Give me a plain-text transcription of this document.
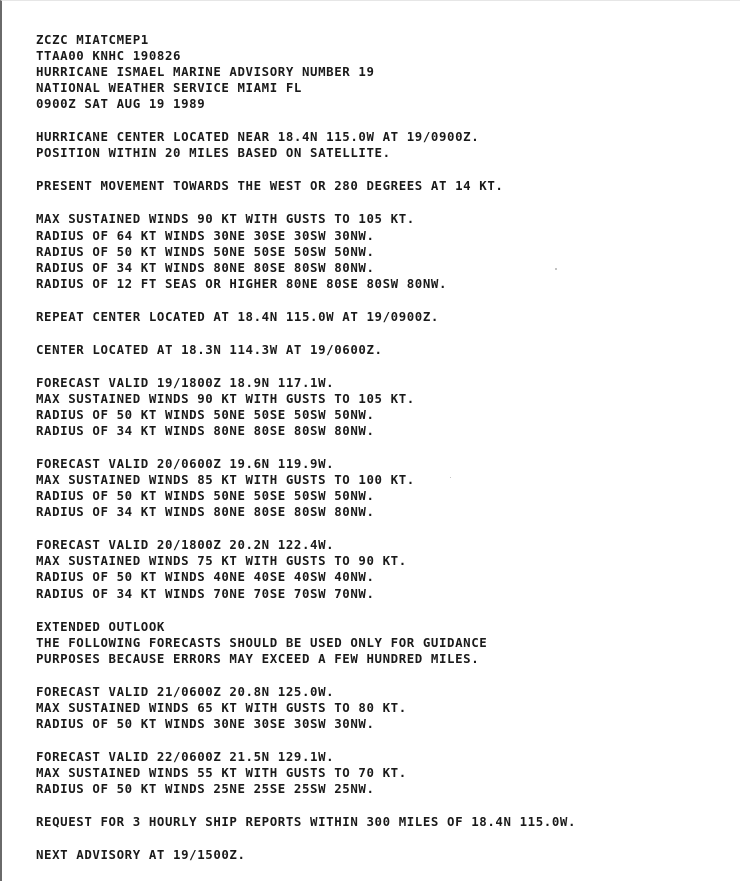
ZCZC MIATCMEP1
TTAA00 KNHC 190826
HURRICANE ISMAEL MARINE ADVISORY NUMBER 19
NATIONAL WEATHER SERVICE MIAMI FL
0900Z SAT AUG 19 1989
HURRICANE CENTER LOCATED NEAR 18.4N 115.0W AT 19/0900Z.
POSITION WITHIN 20 MILES BASED ON SATELLITE.
PRESENT MOVEMENT TOWARDS THE WEST OR 280 DEGREES AT 14 KT.
MAX SUSTAINED WINDS 90 KT WITH GUSTS TO 105 KT.
RADIUS OF 64 KT WINDS 30NE 30SE 30SW 30NW.
RADIUS OF 50 KT WINDS 50NE 50SE 50SW 50NW.
RADIUS OF 34 KT WINDS 80NE 80SE 80SW 80NW.
RADIUS OF 12 FT SEAS OR HIGHER 80NE 80SE 80SW 80NW.
REPEAT CENTER LOCATED AT 18.4N 115.0W AT 19/0900Z.
CENTER LOCATED AT 18.3N 114.3W AT 19/0600Z.
FORECAST VALID 19/1800Z 18.9N 117.1W.
MAX SUSTAINED WINDS 90 KT WITH GUSTS TO 105 KT.
RADIUS OF 50 KT WINDS 50NE 50SE 50SW 50NW.
RADIUS OF 34 KT WINDS 80NE 80SE 80SW 80NW.
FORECAST VALID 20/0600Z 19.6N 119.9W.
MAX SUSTAINED WINDS 85 KT WITH GUSTS TO 100 KT.
RADIUS OF 50 KT WINDS 50NE 50SE 50SW 50NW.
RADIUS OF 34 KT WINDS 80NE 80SE 80SW 80NW.
FORECAST VALID 20/1800Z 20.2N 122.4W.
MAX SUSTAINED WINDS 75 KT WITH GUSTS TO 90 KT.
RADIUS OF 50 KT WINDS 40NE 40SE 40SW 40NW.
RADIUS OF 34 KT WINDS 70NE 70SE 70SW 70NW.
EXTENDED OUTLOOK
THE FOLLOWING FORECASTS SHOULD BE USED ONLY FOR GUIDANCE
PURPOSES BECAUSE ERRORS MAY EXCEED A FEW HUNDRED MILES.
FORECAST VALID 21/0600Z 20.8N 125.0W.
MAX SUSTAINED WINDS 65 KT WITH GUSTS TO 80 KT.
RADIUS OF 50 KT WINDS 30NE 30SE 30SW 30NW.
FORECAST VALID 22/0600Z 21.5N 129.1W.
MAX SUSTAINED WINDS 55 KT WITH GUSTS TO 70 KT.
RADIUS OF 50 KT WINDS 25NE 25SE 25SW 25NW.
REQUEST FOR 3 HOURLY SHIP REPORTS WITHIN 300 MILES OF 18.4N 115.0W.
NEXT ADVISORY AT 19/1500Z.
